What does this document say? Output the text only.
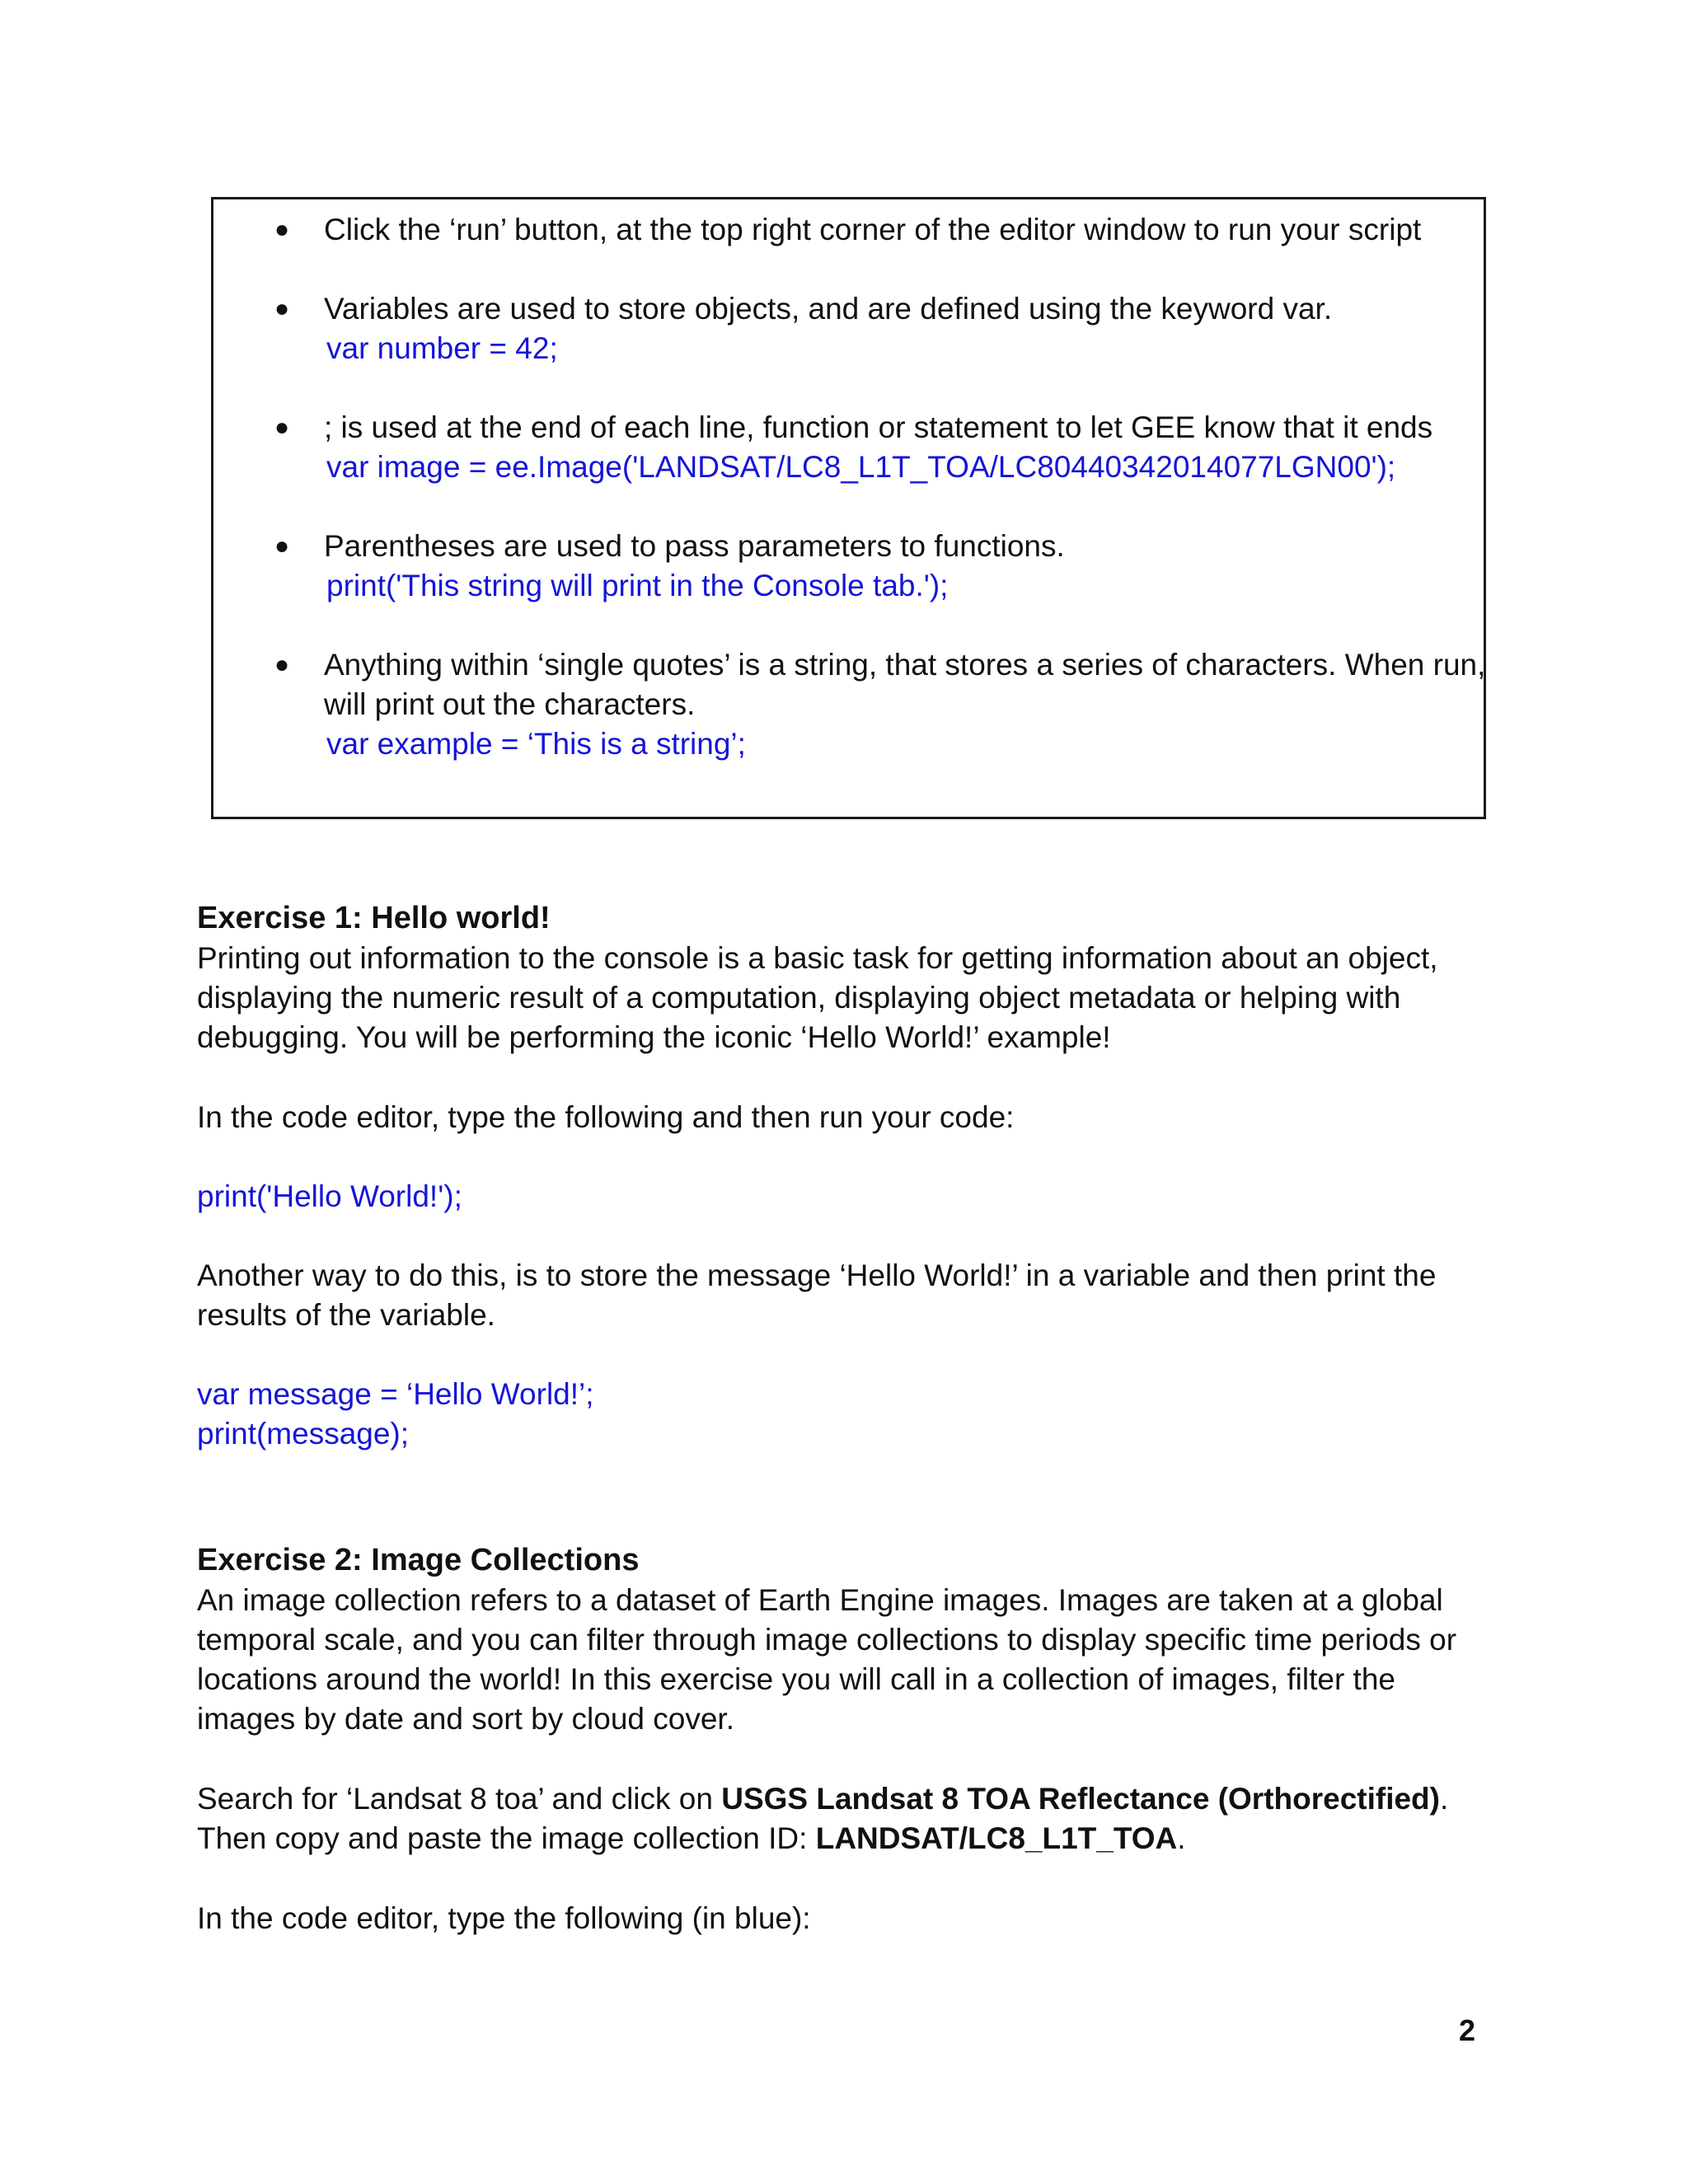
● Click the ‘run’ button, at the top right corner of the editor window to run your script
● Variables are used to store objects, and are defined using the keyword var.
var number = 42;
● ; is used at the end of each line, function or statement to let GEE know that it ends
var image = ee.Image('LANDSAT/LC8_L1T_TOA/LC80440342014077LGN00');
● Parentheses are used to pass parameters to functions.
print('This string will print in the Console tab.');
● Anything within ‘single quotes’ is a string, that stores a series of characters. When run,
will print out the characters.
var example = ‘This is a string’;
Exercise 1: Hello world!
Printing out information to the console is a basic task for getting information about an object,
displaying the numeric result of a computation, displaying object metadata or helping with
debugging. You will be performing the iconic ‘Hello World!’ example!
In the code editor, type the following and then run your code:
print('Hello World!');
Another way to do this, is to store the message ‘Hello World!’ in a variable and then print the
results of the variable.
var message = ‘Hello World!’;
print(message);
Exercise 2: Image Collections
An image collection refers to a dataset of Earth Engine images. Images are taken at a global
temporal scale, and you can filter through image collections to display specific time periods or
locations around the world! In this exercise you will call in a collection of images, filter the
images by date and sort by cloud cover.
Search for ‘Landsat 8 toa’ and click on USGS Landsat 8 TOA Reflectance (Orthorectified).
Then copy and paste the image collection ID: LANDSAT/LC8_L1T_TOA.
In the code editor, type the following (in blue):
2
